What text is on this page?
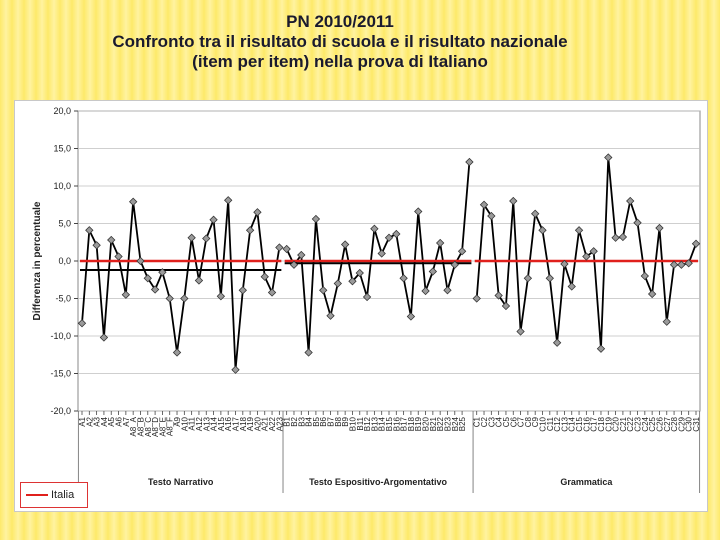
PN 2010/2011
Confronto tra il risultato di scuola e il risultato nazionale
(item per item) nella prova di Italiano
20,0
15,0
10,0
5,0
0,0
-5,0
-10,0
-15,0
-20,0
Differenza in percentuale
A1
A2
A3
A4
A5
A6
A7
A8_A
A8_B
A8_C
A8_D
A8_E
A8_F
A9
A10
A11
A12
A13
A14
A15
A16
A17
A18
A19
A20
A21
A22
A23
B1
B2
B3
B4
B5
B6
B7
B8
B9
B10
B11
B12
B13
B14
B15
B16
B17
B18
B19
B20
B21
B22
B23
B24
B25 C1
C2
C3
C4
C5
C6
C7
C8
C9
C10
C11
C12
C13
C14
C15
C16
C17
C18
C19
C20
C21
C22
C23
C24
C25
C26
C27
C28
C29
C30
C31
Testo Narrativo	Testo Espositivo-Argomentativo	Grammatica
Italia
